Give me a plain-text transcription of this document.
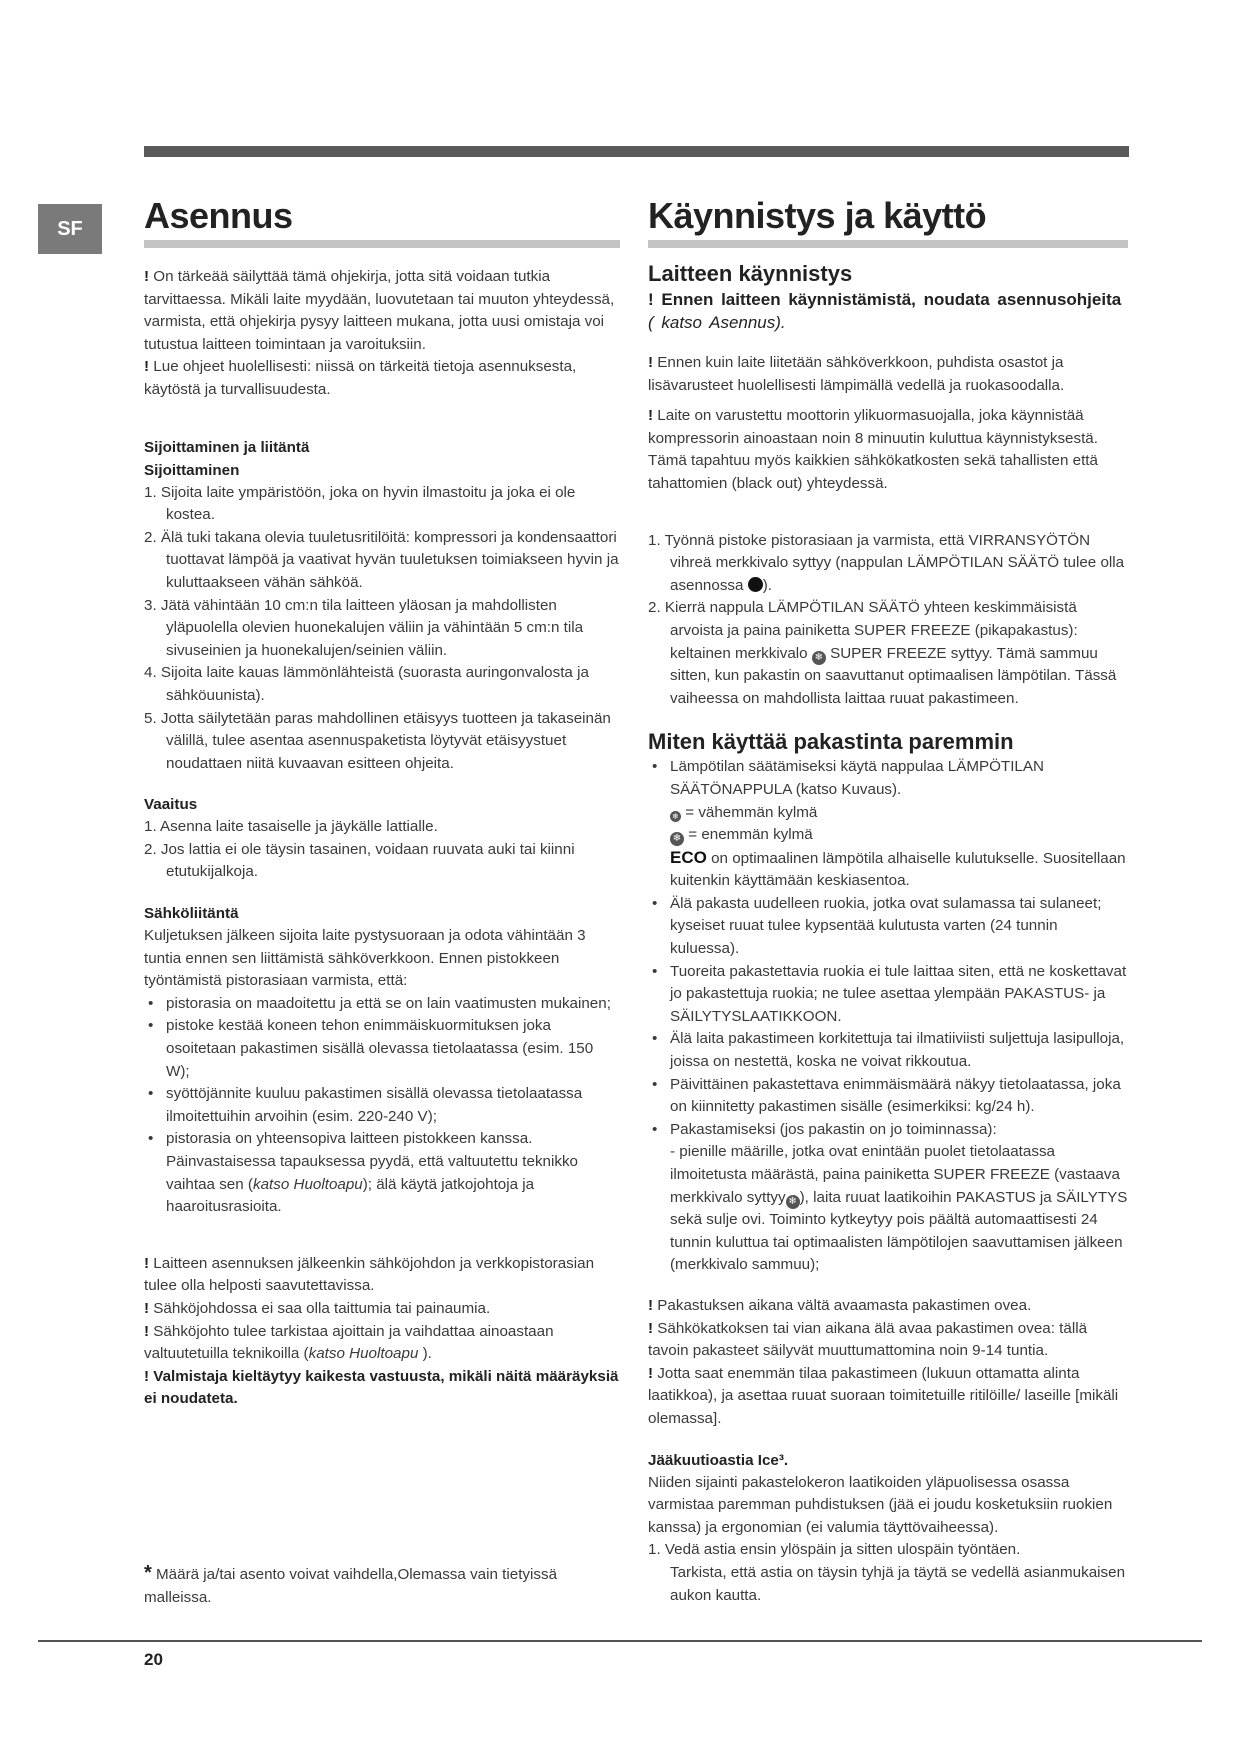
SF	Asennus

! On tärkeää säilyttää tämä ohjekirja, jotta sitä voidaan tutkia tarvittaessa. Mikäli laite myydään, luovutetaan tai muuton yhteydessä, varmista, että ohjekirja pysyy laitteen mukana, jotta uusi omistaja voi tutustua laitteen toimintaan ja varoituksiin.

! Lue ohjeet huolellisesti: niissä on tärkeitä tietoja asennuksesta, käytöstä ja turvallisuudesta.

Sijoittaminen ja liitäntä
Sijoittaminen
1. Sijoita laite ympäristöön, joka on hyvin ilmastoitu ja joka ei ole kostea.
2. Älä tuki takana olevia tuuletusritilöitä: kompressori ja kondensaattori tuottavat lämpöä ja vaativat hyvän tuuletuksen toimiakseen hyvin ja kuluttaakseen vähän sähköä.
3. Jätä vähintään 10 cm:n tila laitteen yläosan ja mahdollisten yläpuolella olevien huonekalujen väliin ja vähintään 5 cm:n tila sivuseinien ja huonekalujen/seinien väliin.
4. Sijoita laite kauas lämmönlähteistä (suorasta auringonvalosta ja sähköuunista).
5. Jotta säilytetään paras mahdollinen etäisyys tuotteen ja takaseinän välillä, tulee asentaa asennuspaketista löytyvät etäisyystuet noudattaen niitä kuvaavan esitteen ohjeita.
Vaaitus
1. Asenna laite tasaiselle ja jäykälle lattialle.
2. Jos lattia ei ole täysin tasainen, voidaan ruuvata auki tai kiinni etutukijalkoja.
Sähköliitäntä

Kuljetuksen jälkeen sijoita laite pystysuoraan ja odota vähintään 3 tuntia ennen sen liittämistä sähköverkkoon. Ennen pistokkeen työntämistä pistorasiaan varmista, että:

• pistorasia on maadoitettu ja että se on lain vaatimusten mukainen;
• pistoke kestää koneen tehon enimmäiskuormituksen joka osoitetaan pakastimen sisällä olevassa tietolaatassa (esim. 150 W);
• syöttöjännite kuuluu pakastimen sisällä olevassa tietolaatassa ilmoitettuihin arvoihin (esim. 220-240 V);
• pistorasia on yhteensopiva laitteen pistokkeen kanssa. Päinvastaisessa tapauksessa pyydä, että valtuutettu teknikko vaihtaa sen (katso Huoltoapu); älä käytä jatkojohtoja ja haaroitusrasioita.

! Laitteen asennuksen jälkeenkin sähköjohdon ja verkkopistorasian tulee olla helposti saavutettavissa.

! Sähköjohdossa ei saa olla taittumia tai painaumia.

! Sähköjohto tulee tarkistaa ajoittain ja vaihdattaa ainoastaan valtuutetuilla teknikoilla (katso Huoltoapu ).

! Valmistaja kieltäytyy kaikesta vastuusta, mikäli näitä määräyksiä ei noudateta.

* Määrä ja/tai asento voivat vaihdella,Olemassa vain tietyissä malleissa.

Käynnistys ja käyttö
Laitteen käynnistys

! Ennen laitteen käynnistämistä, noudata asennusohjeita ( katso Asennus).

! Ennen kuin laite liitetään sähköverkkoon, puhdista osastot ja lisävarusteet huolellisesti lämpimällä vedellä ja ruokasoodalla.

! Laite on varustettu moottorin ylikuormasuojalla, joka käynnistää kompressorin ainoastaan noin 8 minuutin kuluttua käynnistyksestä. Tämä tapahtuu myös kaikkien sähkökatkosten sekä tahallisten että tahattomien (black out) yhteydessä.

1. Työnnä pistoke pistorasiaan ja varmista, että VIRRANSYÖTÖN vihreä merkkivalo syttyy (nappulan LÄMPÖTILAN SÄÄTÖ tulee olla asennossa ).
2. Kierrä nappula LÄMPÖTILAN SÄÄTÖ yhteen keskimmäisistä arvoista ja paina painiketta SUPER FREEZE (pikapakastus): keltainen merkkivalo ❄ SUPER FREEZE syttyy. Tämä sammuu sitten, kun pakastin on saavuttanut optimaalisen lämpötilan. Tässä vaiheessa on mahdollista laittaa ruuat pakastimeen.
Miten käyttää pakastinta paremmin
• Lämpötilan säätämiseksi käytä nappulaa LÄMPÖTILAN SÄÄTÖNAPPULA (katso Kuvaus).
❄ = vähemmän kylmä
❄ = enemmän kylmä
ECO on optimaalinen lämpötila alhaiselle kulutukselle. Suositellaan kuitenkin käyttämään keskiasentoa.
• Älä pakasta uudelleen ruokia, jotka ovat sulamassa tai sulaneet; kyseiset ruuat tulee kypsentää kulutusta varten (24 tunnin kuluessa).
• Tuoreita pakastettavia ruokia ei tule laittaa siten, että ne koskettavat jo pakastettuja ruokia; ne tulee asettaa ylempään PAKASTUS- ja SÄILYTYSLAATIKKOON.
• Älä laita pakastimeen korkitettuja tai ilmatiiviisti suljettuja lasipulloja, joissa on nestettä, koska ne voivat rikkoutua.
• Päivittäinen pakastettava enimmäismäärä näkyy tietolaatassa, joka on kiinnitetty pakastimen sisälle (esimerkiksi: kg/24 h).
• Pakastamiseksi (jos pakastin on jo toiminnassa):
- pienille määrille, jotka ovat enintään puolet tietolaatassa ilmoitetusta määrästä, paina painiketta SUPER FREEZE (vastaava merkkivalo syttyy ❄ ), laita ruuat laatikoihin PAKASTUS ja SÄILYTYS sekä sulje ovi. Toiminto kytkeytyy pois päältä automaattisesti 24 tunnin kuluttua tai optimaalisten lämpötilojen saavuttamisen jälkeen (merkkivalo sammuu);

! Pakastuksen aikana vältä avaamasta pakastimen ovea.

! Sähkökatkoksen tai vian aikana älä avaa pakastimen ovea: tällä tavoin pakasteet säilyvät muuttumattomina noin 9-14 tuntia.

! Jotta saat enemmän tilaa pakastimeen (lukuun ottamatta alinta laatikkoa), ja asettaa ruuat suoraan toimitetuille ritilöille/ laseille [mikäli olemassa].

Jääkuutioastia Ice³.

Niiden sijainti pakastelokeron laatikoiden yläpuolisessa osassa varmistaa paremman puhdistuksen (jää ei joudu kosketuksiin ruokien kanssa) ja ergonomian (ei valumia täyttövaiheessa).

1. Vedä astia ensin ylöspäin ja sitten ulospäin työntäen.
Tarkista, että astia on täysin tyhjä ja täytä se vedellä asianmukaisen aukon kautta.
20
